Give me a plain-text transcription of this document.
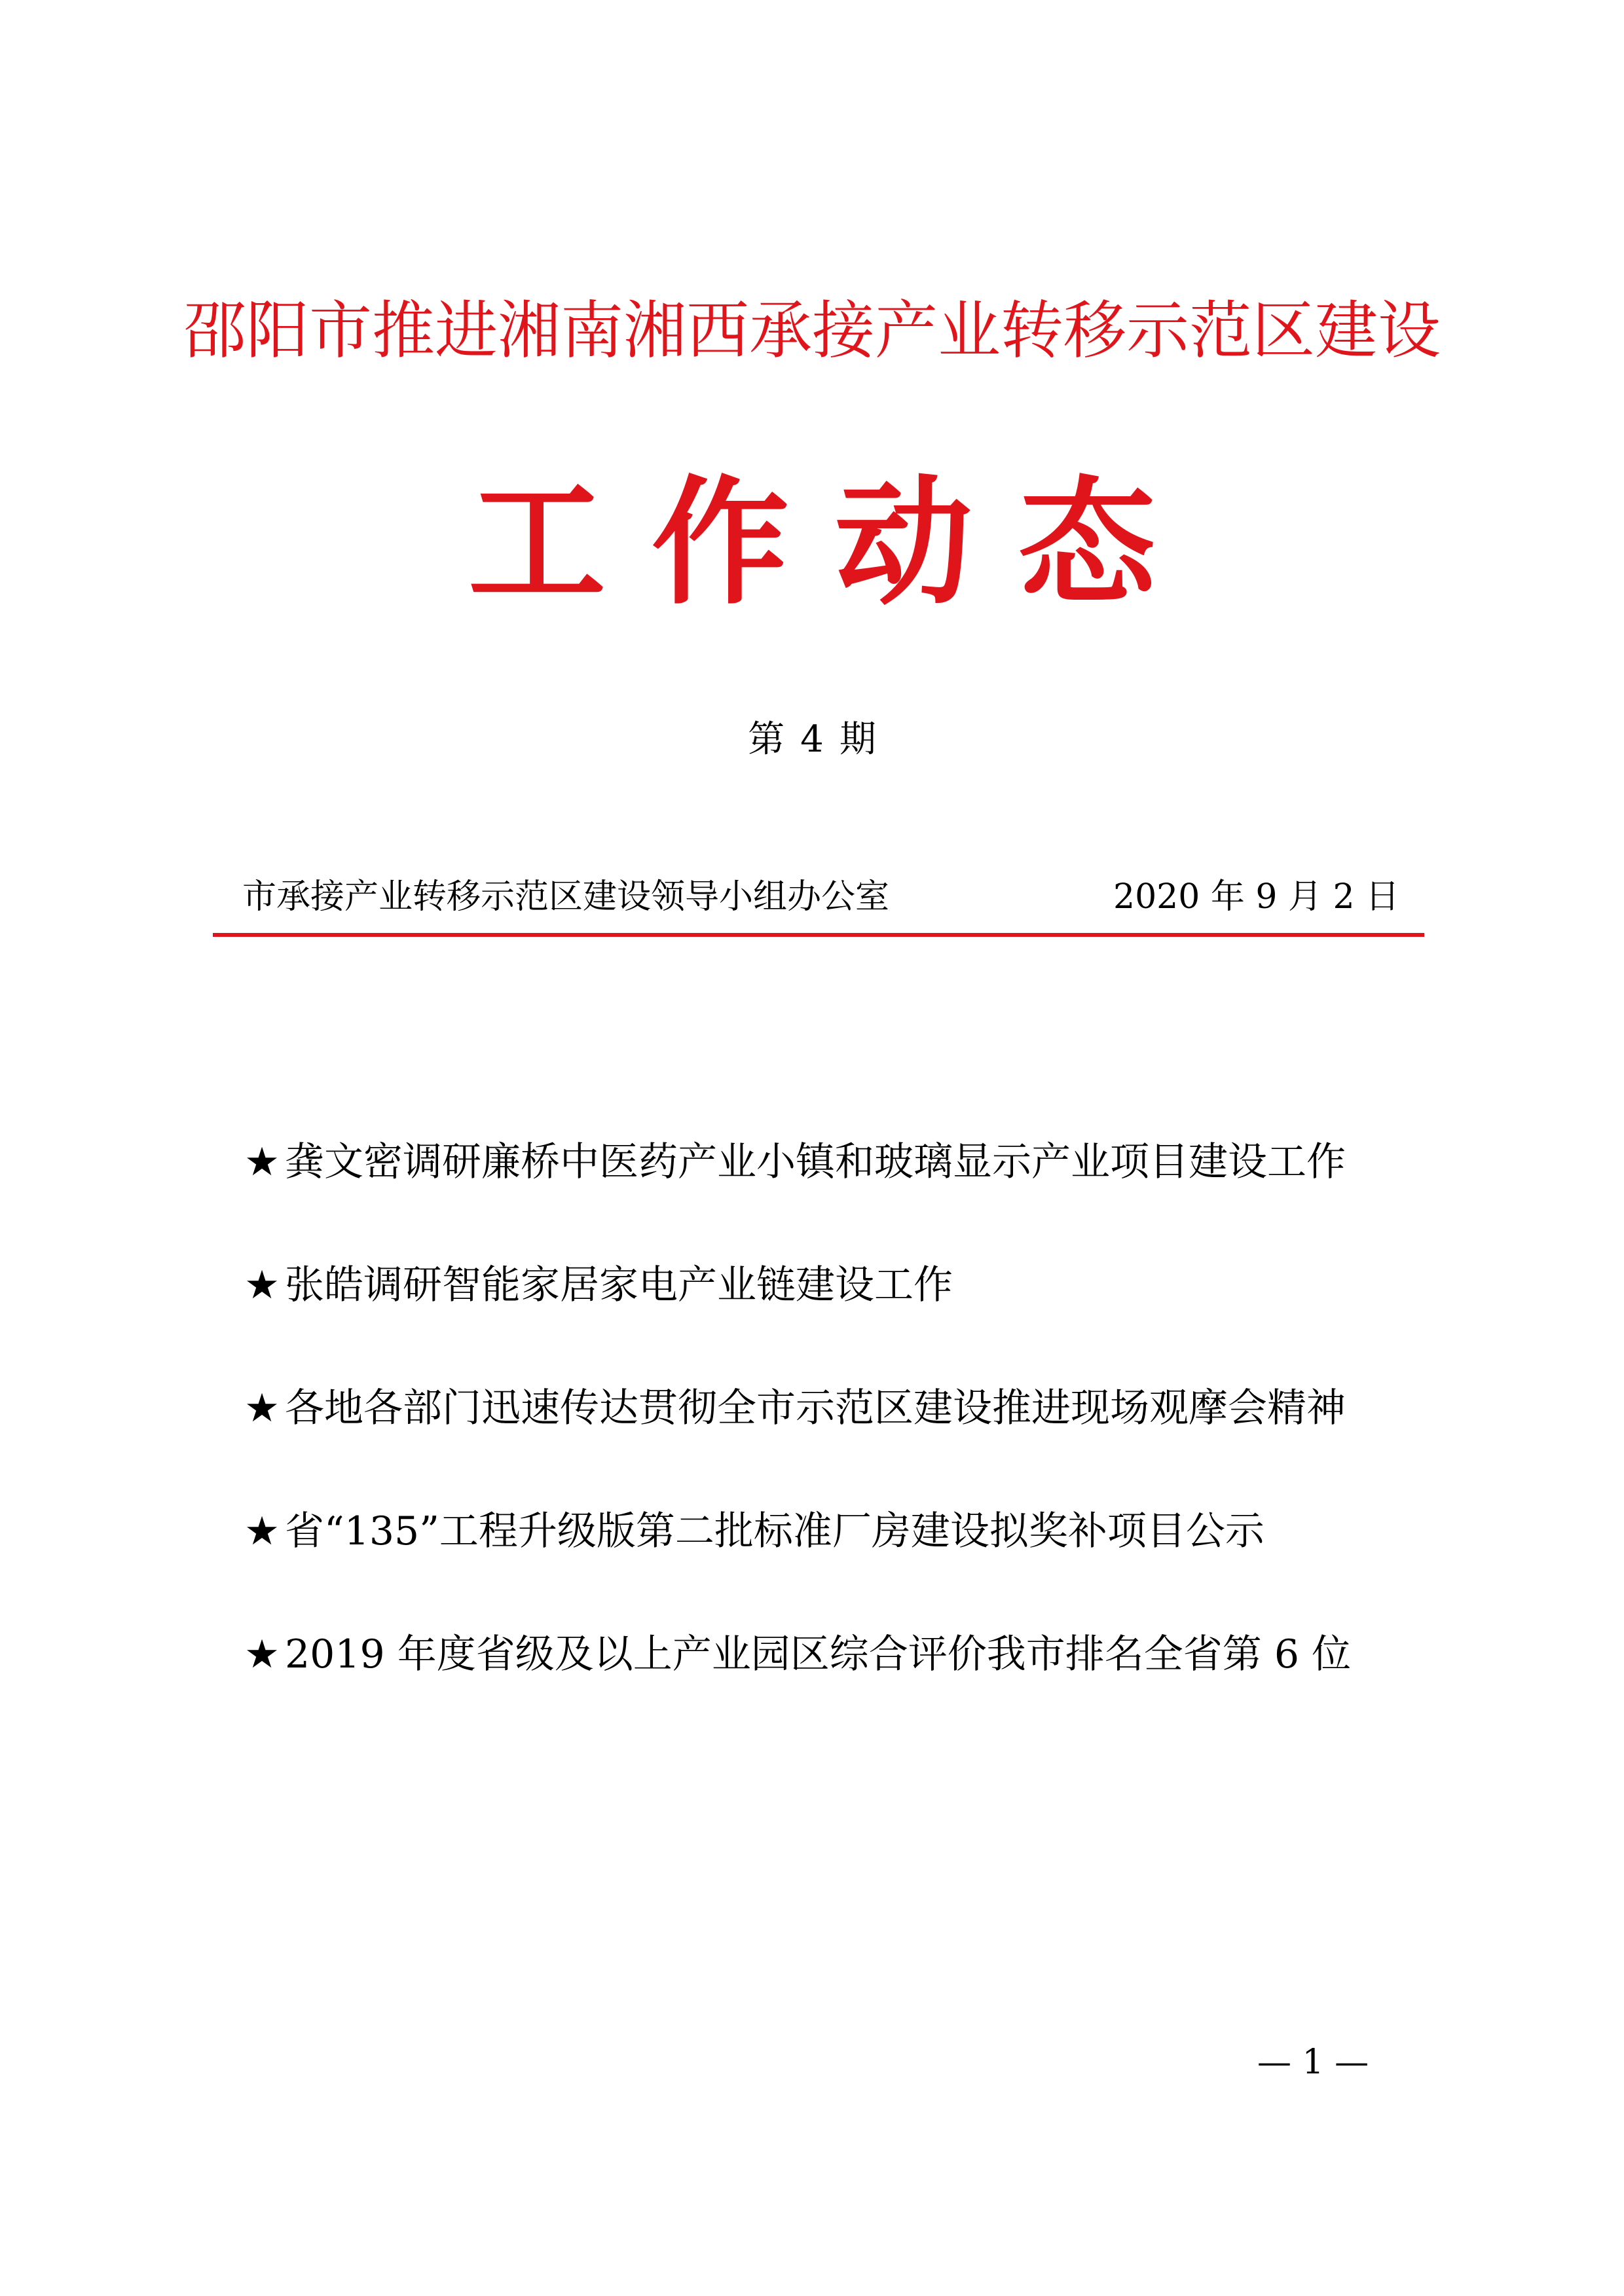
邵阳市推进湘南湘西承接产业转移示范区建设
工作动态
第 4 期
市承接产业转移示范区建设领导小组办公室	2020 年 9 月 2 日
★ 龚文密调研廉桥中医药产业小镇和玻璃显示产业项目建设工作
★ 张皓调研智能家居家电产业链建设工作
★ 各地各部门迅速传达贯彻全市示范区建设推进现场观摩会精神
★ 省“135”工程升级版第二批标准厂房建设拟奖补项目公示
★ 2019 年度省级及以上产业园区综合评价我市排名全省第 6 位
— 1 —
